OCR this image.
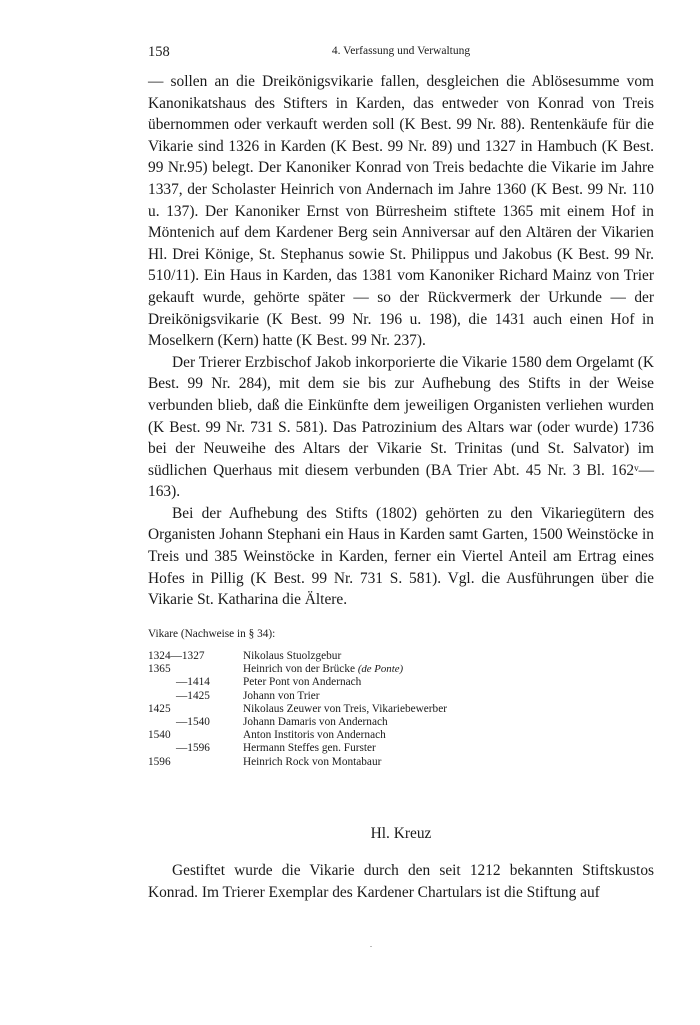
158	4. Verfassung und Verwaltung

— sollen an die Dreikönigsvikarie fallen, desgleichen die Ablösesumme vom Kanonikatshaus des Stifters in Karden, das entweder von Konrad von Treis übernommen oder verkauft werden soll (K Best. 99 Nr. 88). Rentenkäufe für die Vikarie sind 1326 in Karden (K Best. 99 Nr. 89) und 1327 in Hambuch (K Best. 99 Nr.95) belegt. Der Kanoniker Konrad von Treis bedachte die Vikarie im Jahre 1337, der Scholaster Heinrich von Andernach im Jahre 1360 (K Best. 99 Nr. 110 u. 137). Der Kanoniker Ernst von Bürresheim stiftete 1365 mit einem Hof in Möntenich auf dem Kardener Berg sein Anniversar auf den Altären der Vikarien Hl. Drei Könige, St. Stephanus sowie St. Philippus und Jakobus (K Best. 99 Nr. 510/11). Ein Haus in Karden, das 1381 vom Kanoniker Richard Mainz von Trier gekauft wurde, gehörte später — so der Rückvermerk der Urkunde — der Dreikönigsvikarie (K Best. 99 Nr. 196 u. 198), die 1431 auch einen Hof in Moselkern (Kern) hatte (K Best. 99 Nr. 237).

Der Trierer Erzbischof Jakob inkorporierte die Vikarie 1580 dem Orgelamt (K Best. 99 Nr. 284), mit dem sie bis zur Aufhebung des Stifts in der Weise verbunden blieb, daß die Einkünfte dem jeweiligen Organisten verliehen wurden (K Best. 99 Nr. 731 S. 581). Das Patrozinium des Altars war (oder wurde) 1736 bei der Neuweihe des Altars der Vikarie St. Trinitas (und St. Salvator) im südlichen Querhaus mit diesem verbunden (BA Trier Abt. 45 Nr. 3 Bl. 162ᵛ—163).

Bei der Aufhebung des Stifts (1802) gehörten zu den Vikariegütern des Organisten Johann Stephani ein Haus in Karden samt Garten, 1500 Weinstöcke in Treis und 385 Weinstöcke in Karden, ferner ein Viertel Anteil am Ertrag eines Hofes in Pillig (K Best. 99 Nr. 731 S. 581). Vgl. die Ausführungen über die Vikarie St. Katharina die Ältere.

Vikare (Nachweise in § 34):
1324—1327	Nikolaus Stuolzgebur
1365	Heinrich von der Brücke (de Ponte)
—1414	Peter Pont von Andernach
—1425	Johann von Trier
1425	Nikolaus Zeuwer von Treis, Vikariebewerber
—1540	Johann Damaris von Andernach
1540	Anton Institoris von Andernach
—1596	Hermann Steffes gen. Furster
1596	Heinrich Rock von Montabaur
Hl. Kreuz

Gestiftet wurde die Vikarie durch den seit 1212 bekannten Stiftskustos Konrad. Im Trierer Exemplar des Kardener Chartulars ist die Stiftung auf
